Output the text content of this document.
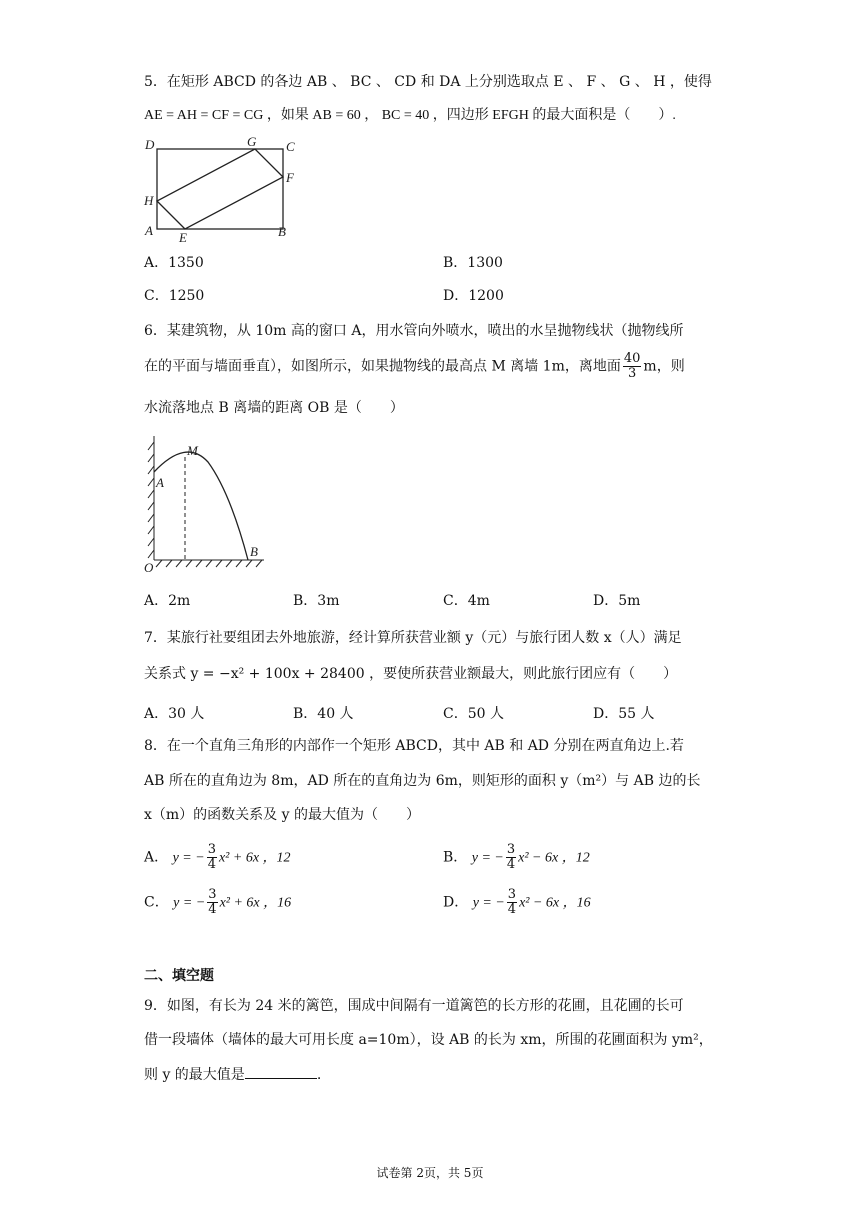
5．在矩形 ABCD 的各边 AB 、 BC 、 CD 和 DA 上分别选取点 E 、 F 、 G 、 H ，使得
AE = AH = CF = CG ，如果 AB = 60 ， BC = 40 ，四边形 EFGH 的最大面积是（　　）.
D	G C
F
H
A E	B
A．1350	B．1300
C．1250	D．1200
6．某建筑物，从 10m 高的窗口 A，用水管向外喷水，喷出的水呈抛物线状（抛物线所
在的平面与墙面垂直），如图所示，如果抛物线的最高点 M 离墙 1m，离地面 $\frac{40}{3}$ m，则
水流落地点 B 离墙的距离 OB 是（　　）
M
A
O
B
A．2m	B．3m	C．4m	D．5m
7．某旅行社要组团去外地旅游，经计算所获营业额 y（元）与旅行团人数 x（人）满足
关系式 y = −x² + 100x + 28400 ，要使所获营业额最大，则此旅行团应有（　　）
A．30 人	B．40 人	C．50 人	D．55 人
8．在一个直角三角形的内部作一个矩形 ABCD，其中 AB 和 AD 分别在两直角边上.若
AB 所在的直角边为 8m，AD 所在的直角边为 6m，则矩形的面积 y（m²）与 AB 边的长
x（m）的函数关系及 y 的最大值为（　　）
A． y = − $\frac{3}{4} x^2 + 6x$ ，12	B． y = − $\frac{3}{4} x^2 - 6x$ ，12
C． y = − $\frac{3}{4} x^2 + 6x$ ，16	D． y = − $\frac{3}{4} x^2 - 6x$ ，16
二、填空题
9．如图，有长为 24 米的篱笆，围成中间隔有一道篱笆的长方形的花圃，且花圃的长可
借一段墙体（墙体的最大可用长度 a=10m），设 AB 的长为 xm，所围的花圃面积为 ym²，
则 y 的最大值是	.
试卷第 2页，共 5页
